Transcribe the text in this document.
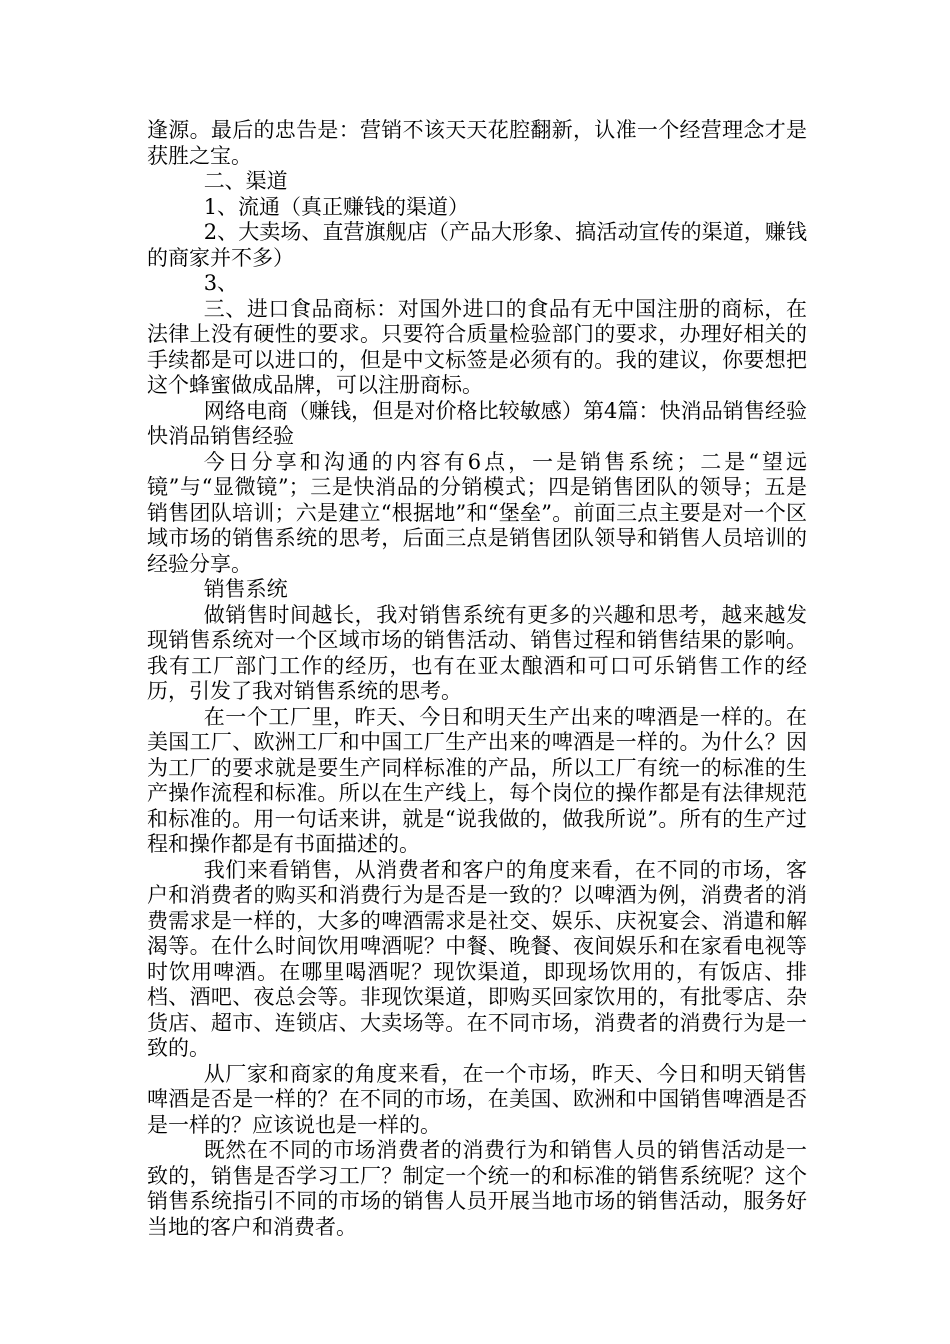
逢源。最后的忠告是：营销不该天天花腔翻新，认准一个经营理念才是获胜之宝。

二、渠道

1、流通（真正赚钱的渠道）

2、大卖场、直营旗舰店（产品大形象、搞活动宣传的渠道，赚钱的商家并不多）

3、

三、进口食品商标：对国外进口的食品有无中国注册的商标，在法律上没有硬性的要求。只要符合质量检验部门的要求，办理好相关的手续都是可以进口的，但是中文标签是必须有的。我的建议，你要想把这个蜂蜜做成品牌，可以注册商标。

网络电商（赚钱，但是对价格比较敏感）第4篇：快消品销售经验快消品销售经验

今日分享和沟通的内容有6点，一是销售系统；二是“望远镜”与“显微镜”；三是快消品的分销模式；四是销售团队的领导；五是销售团队培训；六是建立“根据地”和“堡垒”。前面三点主要是对一个区域市场的销售系统的思考，后面三点是销售团队领导和销售人员培训的经验分享。

销售系统

做销售时间越长，我对销售系统有更多的兴趣和思考，越来越发现销售系统对一个区域市场的销售活动、销售过程和销售结果的影响。我有工厂部门工作的经历，也有在亚太酿酒和可口可乐销售工作的经历，引发了我对销售系统的思考。

在一个工厂里，昨天、今日和明天生产出来的啤酒是一样的。在美国工厂、欧洲工厂和中国工厂生产出来的啤酒是一样的。为什么？因为工厂的要求就是要生产同样标准的产品，所以工厂有统一的标准的生产操作流程和标准。所以在生产线上，每个岗位的操作都是有法律规范和标准的。用一句话来讲，就是“说我做的，做我所说”。所有的生产过程和操作都是有书面描述的。

我们来看销售，从消费者和客户的角度来看，在不同的市场，客户和消费者的购买和消费行为是否是一致的？以啤酒为例，消费者的消费需求是一样的，大多的啤酒需求是社交、娱乐、庆祝宴会、消遣和解渴等。在什么时间饮用啤酒呢？中餐、晚餐、夜间娱乐和在家看电视等时饮用啤酒。在哪里喝酒呢？现饮渠道，即现场饮用的，有饭店、排档、酒吧、夜总会等。非现饮渠道，即购买回家饮用的，有批零店、杂货店、超市、连锁店、大卖场等。在不同市场，消费者的消费行为是一致的。

从厂家和商家的角度来看，在一个市场，昨天、今日和明天销售啤酒是否是一样的？在不同的市场，在美国、欧洲和中国销售啤酒是否是一样的？应该说也是一样的。

既然在不同的市场消费者的消费行为和销售人员的销售活动是一致的，销售是否学习工厂？制定一个统一的和标准的销售系统呢？这个销售系统指引不同的市场的销售人员开展当地市场的销售活动，服务好当地的客户和消费者。
